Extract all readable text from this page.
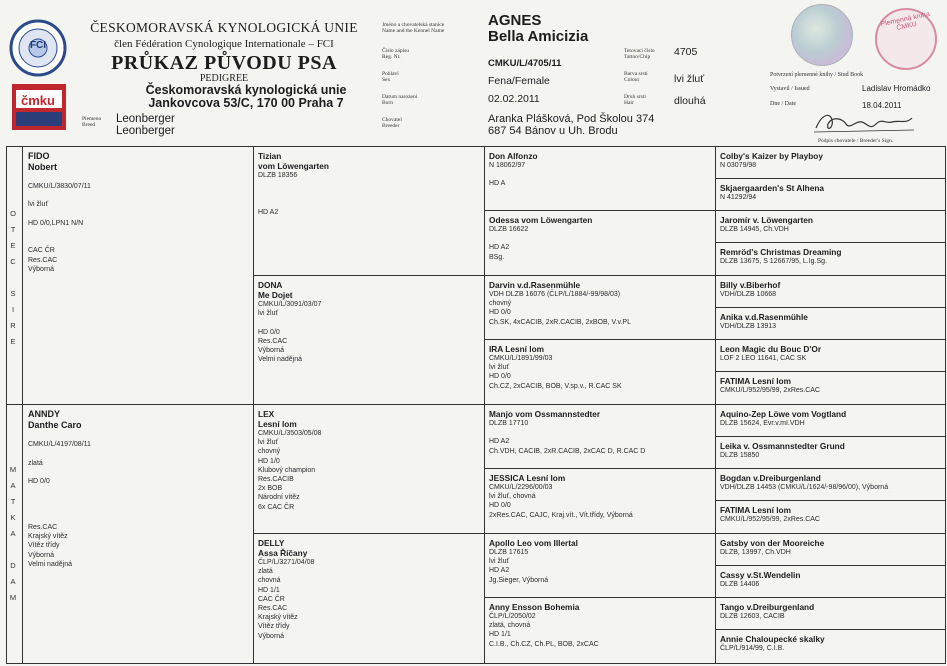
FCI
čmku
ČESKOMORAVSKÁ KYNOLOGICKÁ UNIE
člen Fédération Cynologique Internationale – FCI
PRŮKAZ PŮVODU PSA
PEDIGREE
Českomoravská kynologická unie
Jankovcova 53/C, 170 00 Praha 7
Plemeno
Breed	Leonberger
Leonberger
Jméno a chovatelská stanice
Name and the Kennel Name
Číslo zápisu
Reg. Nr.
Pohlaví
Sex
Datum narození
Born
Chovatel
Breeder
AGNES
Bella Amicizia
CMKU/L/4705/11
Fena/Female
02.02.2011
Aranka Plášková, Pod Školou 374
687 54 Bánov u Uh. Brodu
Tetovací číslo
Tattoo/Chip
Barva srsti
Colour
Druh srsti
Hair
4705
lvi žluť
dlouhá
Plemenná kniha ČMKU
Potvrzení plemenné knihy / Stud Book
Vystavil / Issued	Ladislav Hromádko
Dne / Date	18.04.2011
Podpis chovatele / Breeder's Sign.
O
T
E
C

S
I
R
E
M
A
T
K
A

D
A
M
FIDO
Nobert
CMKU/L/3830/07/11

lvi žluť

HD 0/0,LPN1 N/N

CAC ČR
Res.CAC
Výborná
ANNDY
Danthe Caro

CMKU/L/4197/08/11

zlatá

HD 0/0

Res.CAC
Krajský vítěz
Vítěz třídy
Výborná
Velmi nadějná
Tizian
vom Löwengarten
DLZB 18356

HD A2
DONA
Me Dojet
CMKU/L/3091/03/07
lvi žluť

HD 0/0
Res.CAC
Výborná
Velmi nadějná
LEX
Lesní lom
CMKU/L/3503/05/08
lvi žluť
chovný
HD 1/0
Klubový champion
Res.CACIB
2x BOB
Národní vítěz
6x CAC ČR
DELLY
Assa Říčany
ČLP/L/3271/04/08
zlatá
chovná
HD 1/1
CAC ČR
Res.CAC
Krajský vítěz
Vítěz třídy
Výborná
Don Alfonzo
N 18062/97

HD A
Odessa vom Löwengarten
DLZB 16622

HD A2
BSg.
Darvin v.d.Rasenmühle
VDH DLZB 16076 (ČLP/L/1884/-99/98/03)
chovný
HD 0/0
Ch.SK, 4xCACIB, 2xR.CACIB, 2xBOB, V.v.PL
IRA Lesní lom
CMKU/L/1891/99/03
lvi žluť
HD 0/0
Ch.CZ, 2xCACIB, BOB, V.sp.v., R.CAC SK
Manjo vom Ossmannstedter
DLZB 17710

HD A2
Ch.VDH, CACIB, 2xR.CACIB, 2xCAC D, R.CAC D
JESSICA Lesní lom
CMKU/L/2296/00/03
lvi žluť, chovná
HD 0/0
2xRes.CAC, CAJC, Kraj.vít., Vít.třídy, Výborná
Apollo Leo vom Illertal
DLZB 17615
lvi žluť
HD A2
Jg.Sieger, Výborná
Anny Ensson Bohemia
ČLP/L/2050/02
zlatá, chovná
HD 1/1
C.I.B., Ch.CZ, Ch.PL, BOB, 2xCAC
Colby's Kaizer by Playboy
N 03079/98
Skjaergaarden's St Alhena
N 41292/94
Jaromír v. Löwengarten
DLZB 14945, Ch.VDH
Remröd's Christmas Dreaming
DLZB 13675, S 12667/95, L.Ig.Sg.
Billy v.Biberhof
VDH/DLZB 10668
Anika v.d.Rasenmühle
VDH/DLZB 13913
Leon Magic du Bouc D'Or
LOF 2 LEO 11641, CAC SK
FATIMA Lesní lom
CMKU/L/952/95/99, 2xRes.CAC
Aquino-Zep Löwe vom Vogtland
DLZB 15624, Evr.v.mI.VDH
Leika v. Ossmannstedter Grund
DLZB 15850
Bogdan v.Dreiburgenland
VDH/DLZB 14453 (CMKU/L/1624/-98/96/00), Výborná
FATIMA Lesní lom
CMKU/L/952/95/99, 2xRes.CAC
Gatsby von der Mooreiche
DLZB, 13997, Ch.VDH
Cassy v.St.Wendelin
DLZB 14406
Tango v.Dreiburgenland
DLZB 12603, CACIB
Annie Chaloupecké skalky
ČLP/L/914/99, C.I.B.
